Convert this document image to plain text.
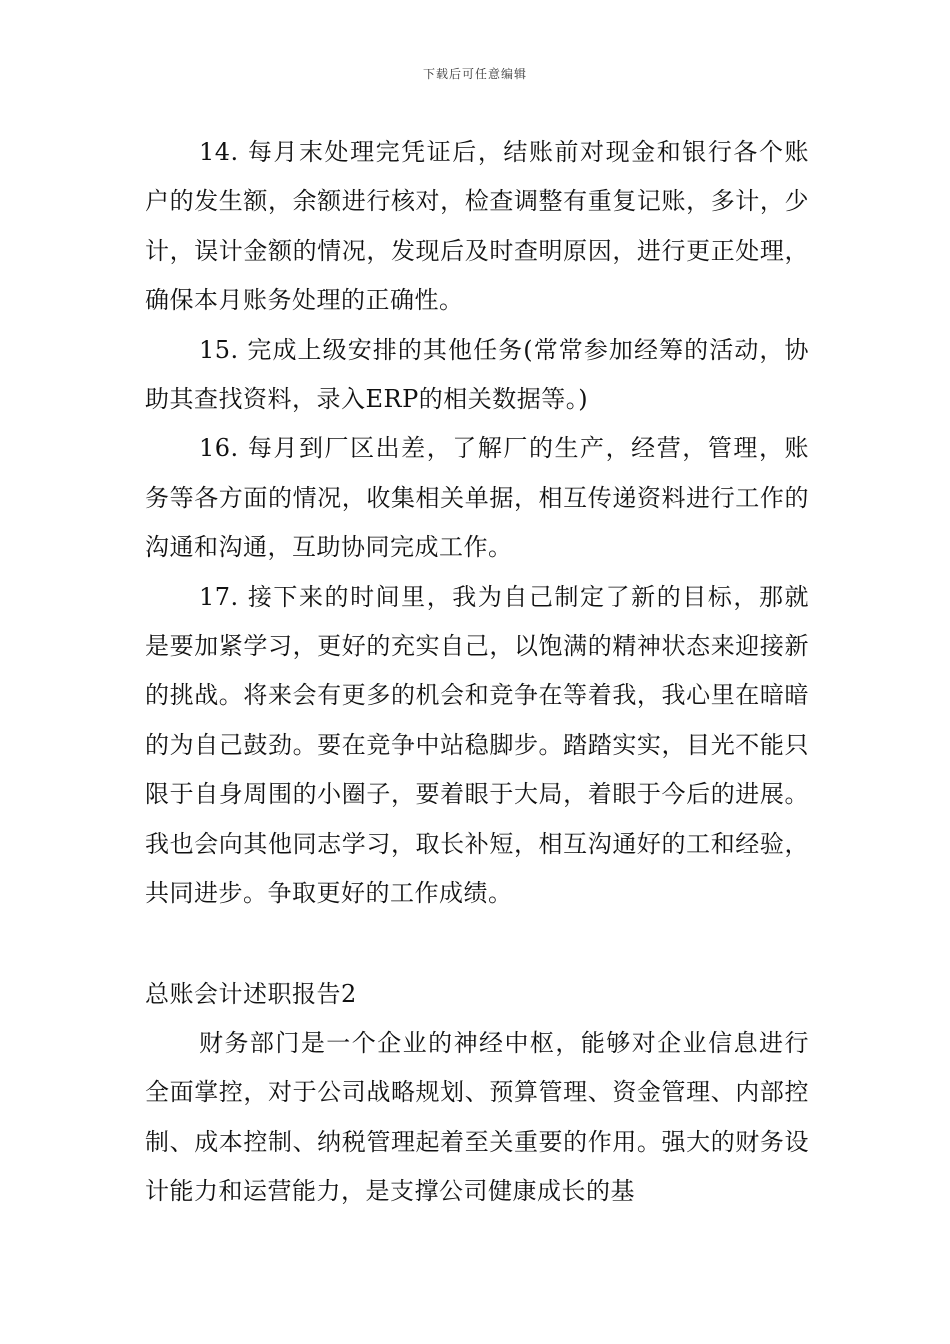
下载后可任意编辑

14. 每月末处理完凭证后，结账前对现金和银行各个账户的发生额，余额进行核对，检查调整有重复记账，多计，少计，误计金额的情况，发现后及时查明原因，进行更正处理，确保本月账务处理的正确性。

15. 完成上级安排的其他任务(常常参加经筹的活动，协助其查找资料，录入ERP的相关数据等。)

16. 每月到厂区出差，了解厂的生产，经营，管理，账务等各方面的情况，收集相关单据，相互传递资料进行工作的沟通和沟通，互助协同完成工作。

17. 接下来的时间里，我为自己制定了新的目标，那就是要加紧学习，更好的充实自己，以饱满的精神状态来迎接新的挑战。将来会有更多的机会和竞争在等着我，我心里在暗暗的为自己鼓劲。要在竞争中站稳脚步。踏踏实实，目光不能只限于自身周围的小圈子，要着眼于大局，着眼于今后的进展。我也会向其他同志学习，取长补短，相互沟通好的工和经验，共同进步。争取更好的工作成绩。

总账会计述职报告2

财务部门是一个企业的神经中枢，能够对企业信息进行全面掌控，对于公司战略规划、预算管理、资金管理、内部控制、成本控制、纳税管理起着至关重要的作用。强大的财务设计能力和运营能力，是支撑公司健康成长的基
